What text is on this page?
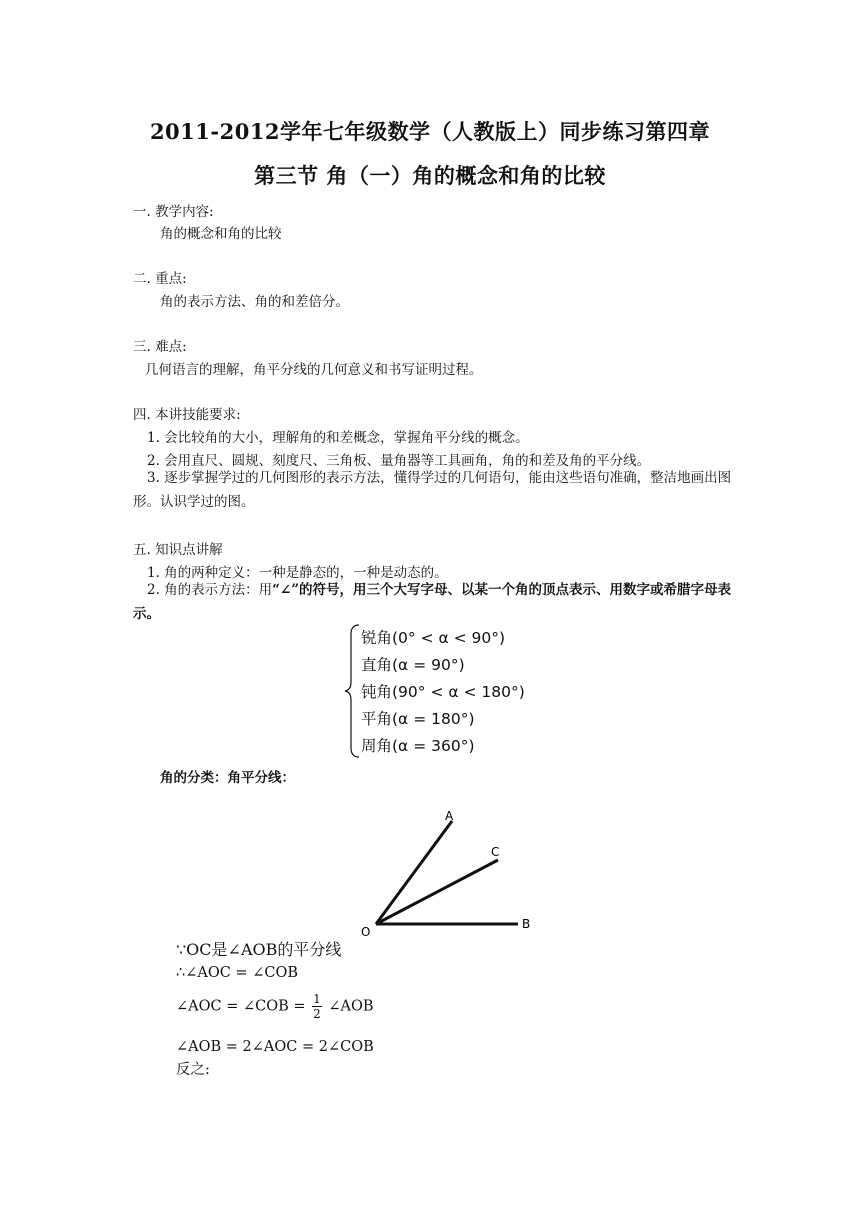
2011-2012学年七年级数学（人教版上）同步练习第四章
第三节 角（一）角的概念和角的比较
一. 教学内容:
角的概念和角的比较
二. 重点:
角的表示方法、角的和差倍分。
三. 难点:
几何语言的理解，角平分线的几何意义和书写证明过程。
四. 本讲技能要求:
1. 会比较角的大小，理解角的和差概念，掌握角平分线的概念。
2. 会用直尺、圆规、刻度尺、三角板、量角器等工具画角，角的和差及角的平分线。
3. 逐步掌握学过的几何图形的表示方法，懂得学过的几何语句，能由这些语句准确，整洁地画出图形。认识学过的图。
五. 知识点讲解
1. 角的两种定义：一种是静态的，一种是动态的。
2. 角的表示方法：用“∠”的符号，用三个大写字母、以某一个角的顶点表示、用数字或希腊字母表示。
锐角(0° < α < 90°)
直角(α = 90°)
钝角(90° < α < 180°)
平角(α = 180°)
周角(α = 360°)
角的分类：角平分线：
A
C
B
O
∵OC是∠AOB的平分线
∴∠AOC = ∠COB
∠AOC = ∠COB = $\frac{1}{2}$ ∠AOB
∠AOB = 2∠AOC = 2∠COB
反之:
